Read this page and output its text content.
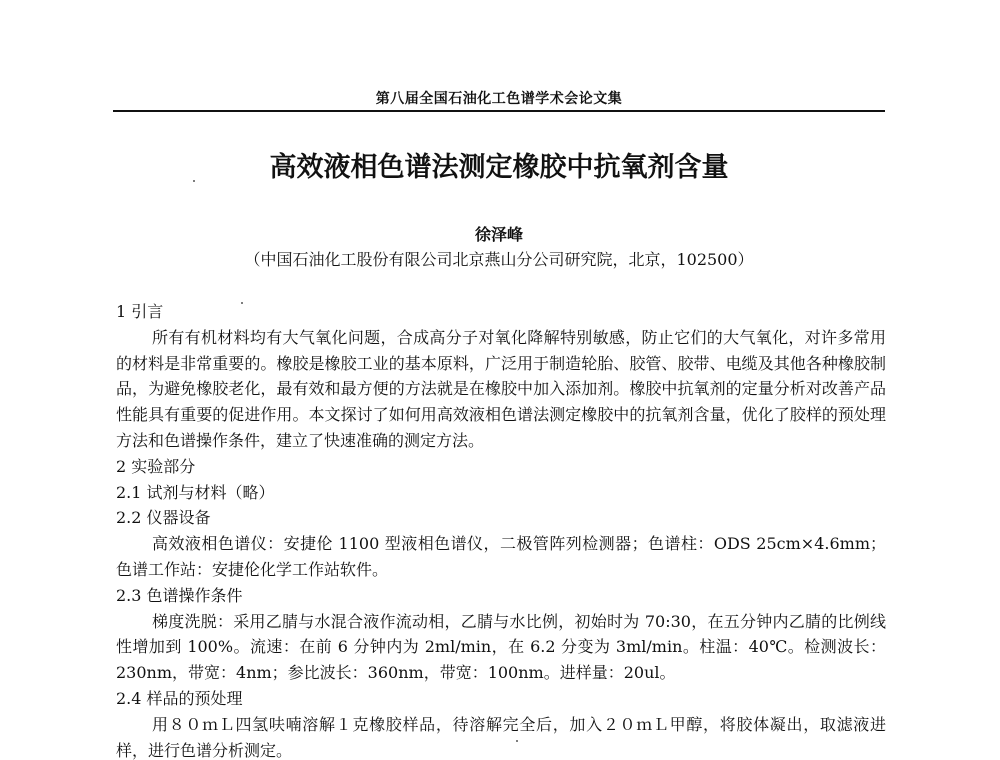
第八届全国石油化工色谱学术会论文集
高效液相色谱法测定橡胶中抗氧剂含量
徐泽峰
（中国石油化工股份有限公司北京燕山分公司研究院，北京，102500）

1 引言

所有有机材料均有大气氧化问题，合成高分子对氧化降解特别敏感，防止它们的大气氧化，对许多常用的材料是非常重要的。橡胶是橡胶工业的基本原料，广泛用于制造轮胎、胶管、胶带、电缆及其他各种橡胶制品，为避免橡胶老化，最有效和最方便的方法就是在橡胶中加入添加剂。橡胶中抗氧剂的定量分析对改善产品性能具有重要的促进作用。本文探讨了如何用高效液相色谱法测定橡胶中的抗氧剂含量，优化了胶样的预处理方法和色谱操作条件，建立了快速准确的测定方法。

2 实验部分

2.1 试剂与材料（略）

2.2 仪器设备

高效液相色谱仪：安捷伦 1100 型液相色谱仪，二极管阵列检测器；色谱柱：ODS 25cm×4.6mm；色谱工作站：安捷伦化学工作站软件。

2.3 色谱操作条件

梯度洗脱：采用乙腈与水混合液作流动相，乙腈与水比例，初始时为 70:30，在五分钟内乙腈的比例线性增加到 100%。流速：在前 6 分钟内为 2ml/min，在 6.2 分变为 3ml/min。柱温：40℃。检测波长：230nm，带宽：4nm；参比波长：360nm，带宽：100nm。进样量：20ul。

2.4 样品的预处理

用８０ｍＬ四氢呋喃溶解１克橡胶样品，待溶解完全后，加入２０ｍＬ甲醇，将胶体凝出，取滤液进样，进行色谱分析测定。
